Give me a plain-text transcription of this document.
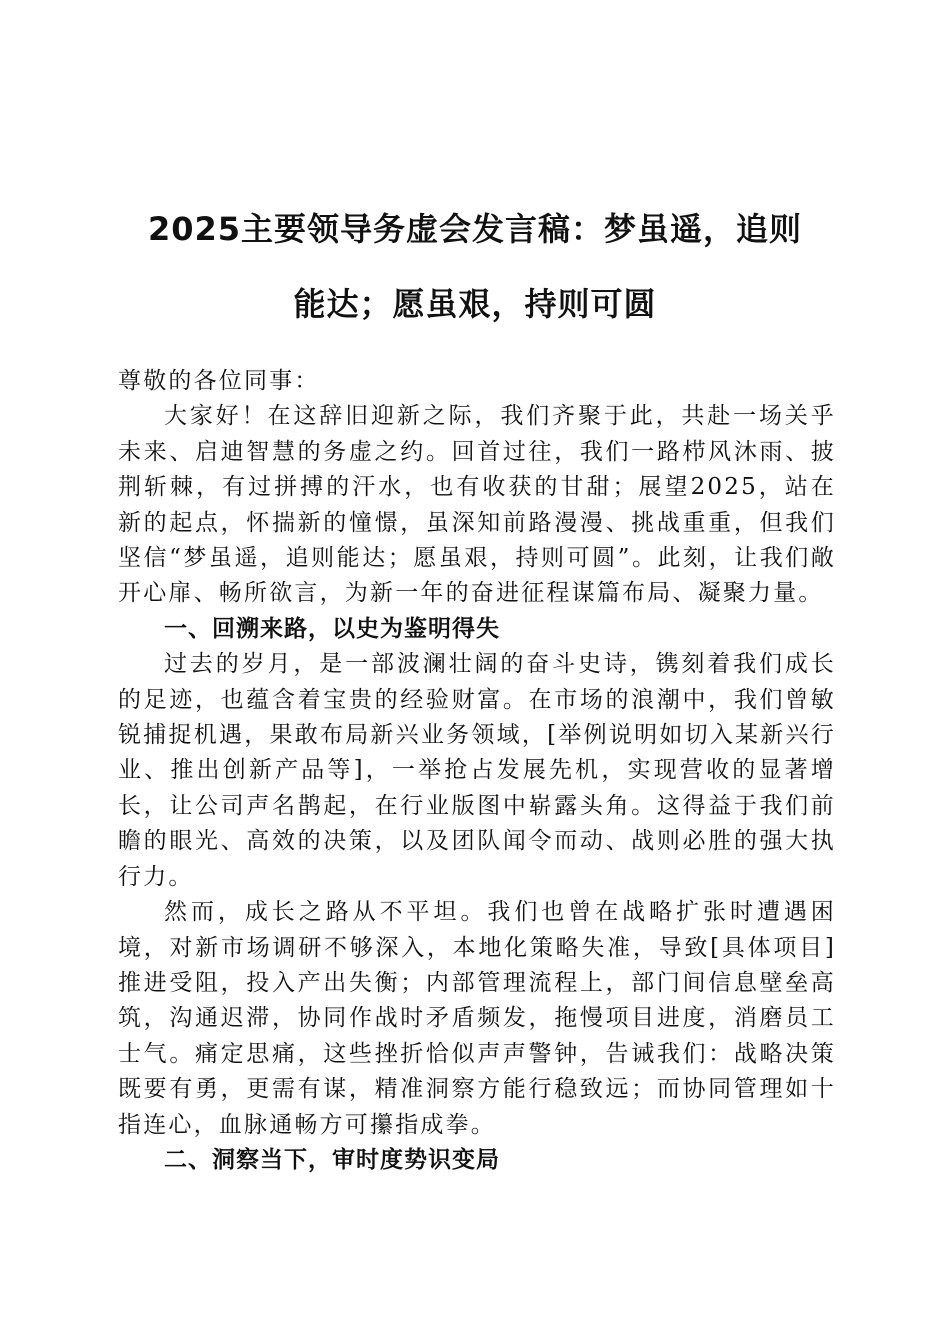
2025主要领导务虚会发言稿：梦虽遥，追则
能达；愿虽艰，持则可圆

尊敬的各位同事：

大家好！在这辞旧迎新之际，我们齐聚于此，共赴一场关乎未来、启迪智慧的务虚之约。回首过往，我们一路栉风沐雨、披荆斩棘，有过拼搏的汗水，也有收获的甘甜；展望2025，站在新的起点，怀揣新的憧憬，虽深知前路漫漫、挑战重重，但我们坚信“梦虽遥，追则能达；愿虽艰，持则可圆”。此刻，让我们敞开心扉、畅所欲言，为新一年的奋进征程谋篇布局、凝聚力量。

一、回溯来路，以史为鉴明得失

过去的岁月，是一部波澜壮阔的奋斗史诗，镌刻着我们成长的足迹，也蕴含着宝贵的经验财富。在市场的浪潮中，我们曾敏锐捕捉机遇，果敢布局新兴业务领域，[举例说明如切入某新兴行业、推出创新产品等]，一举抢占发展先机，实现营收的显著增长，让公司声名鹊起，在行业版图中崭露头角。这得益于我们前瞻的眼光、高效的决策，以及团队闻令而动、战则必胜的强大执行力。

然而，成长之路从不平坦。我们也曾在战略扩张时遭遇困境，对新市场调研不够深入，本地化策略失准，导致[具体项目]推进受阻，投入产出失衡；内部管理流程上，部门间信息壁垒高筑，沟通迟滞，协同作战时矛盾频发，拖慢项目进度，消磨员工士气。痛定思痛，这些挫折恰似声声警钟，告诫我们：战略决策既要有勇，更需有谋，精准洞察方能行稳致远；而协同管理如十指连心，血脉通畅方可攥指成拳。

二、洞察当下，审时度势识变局
